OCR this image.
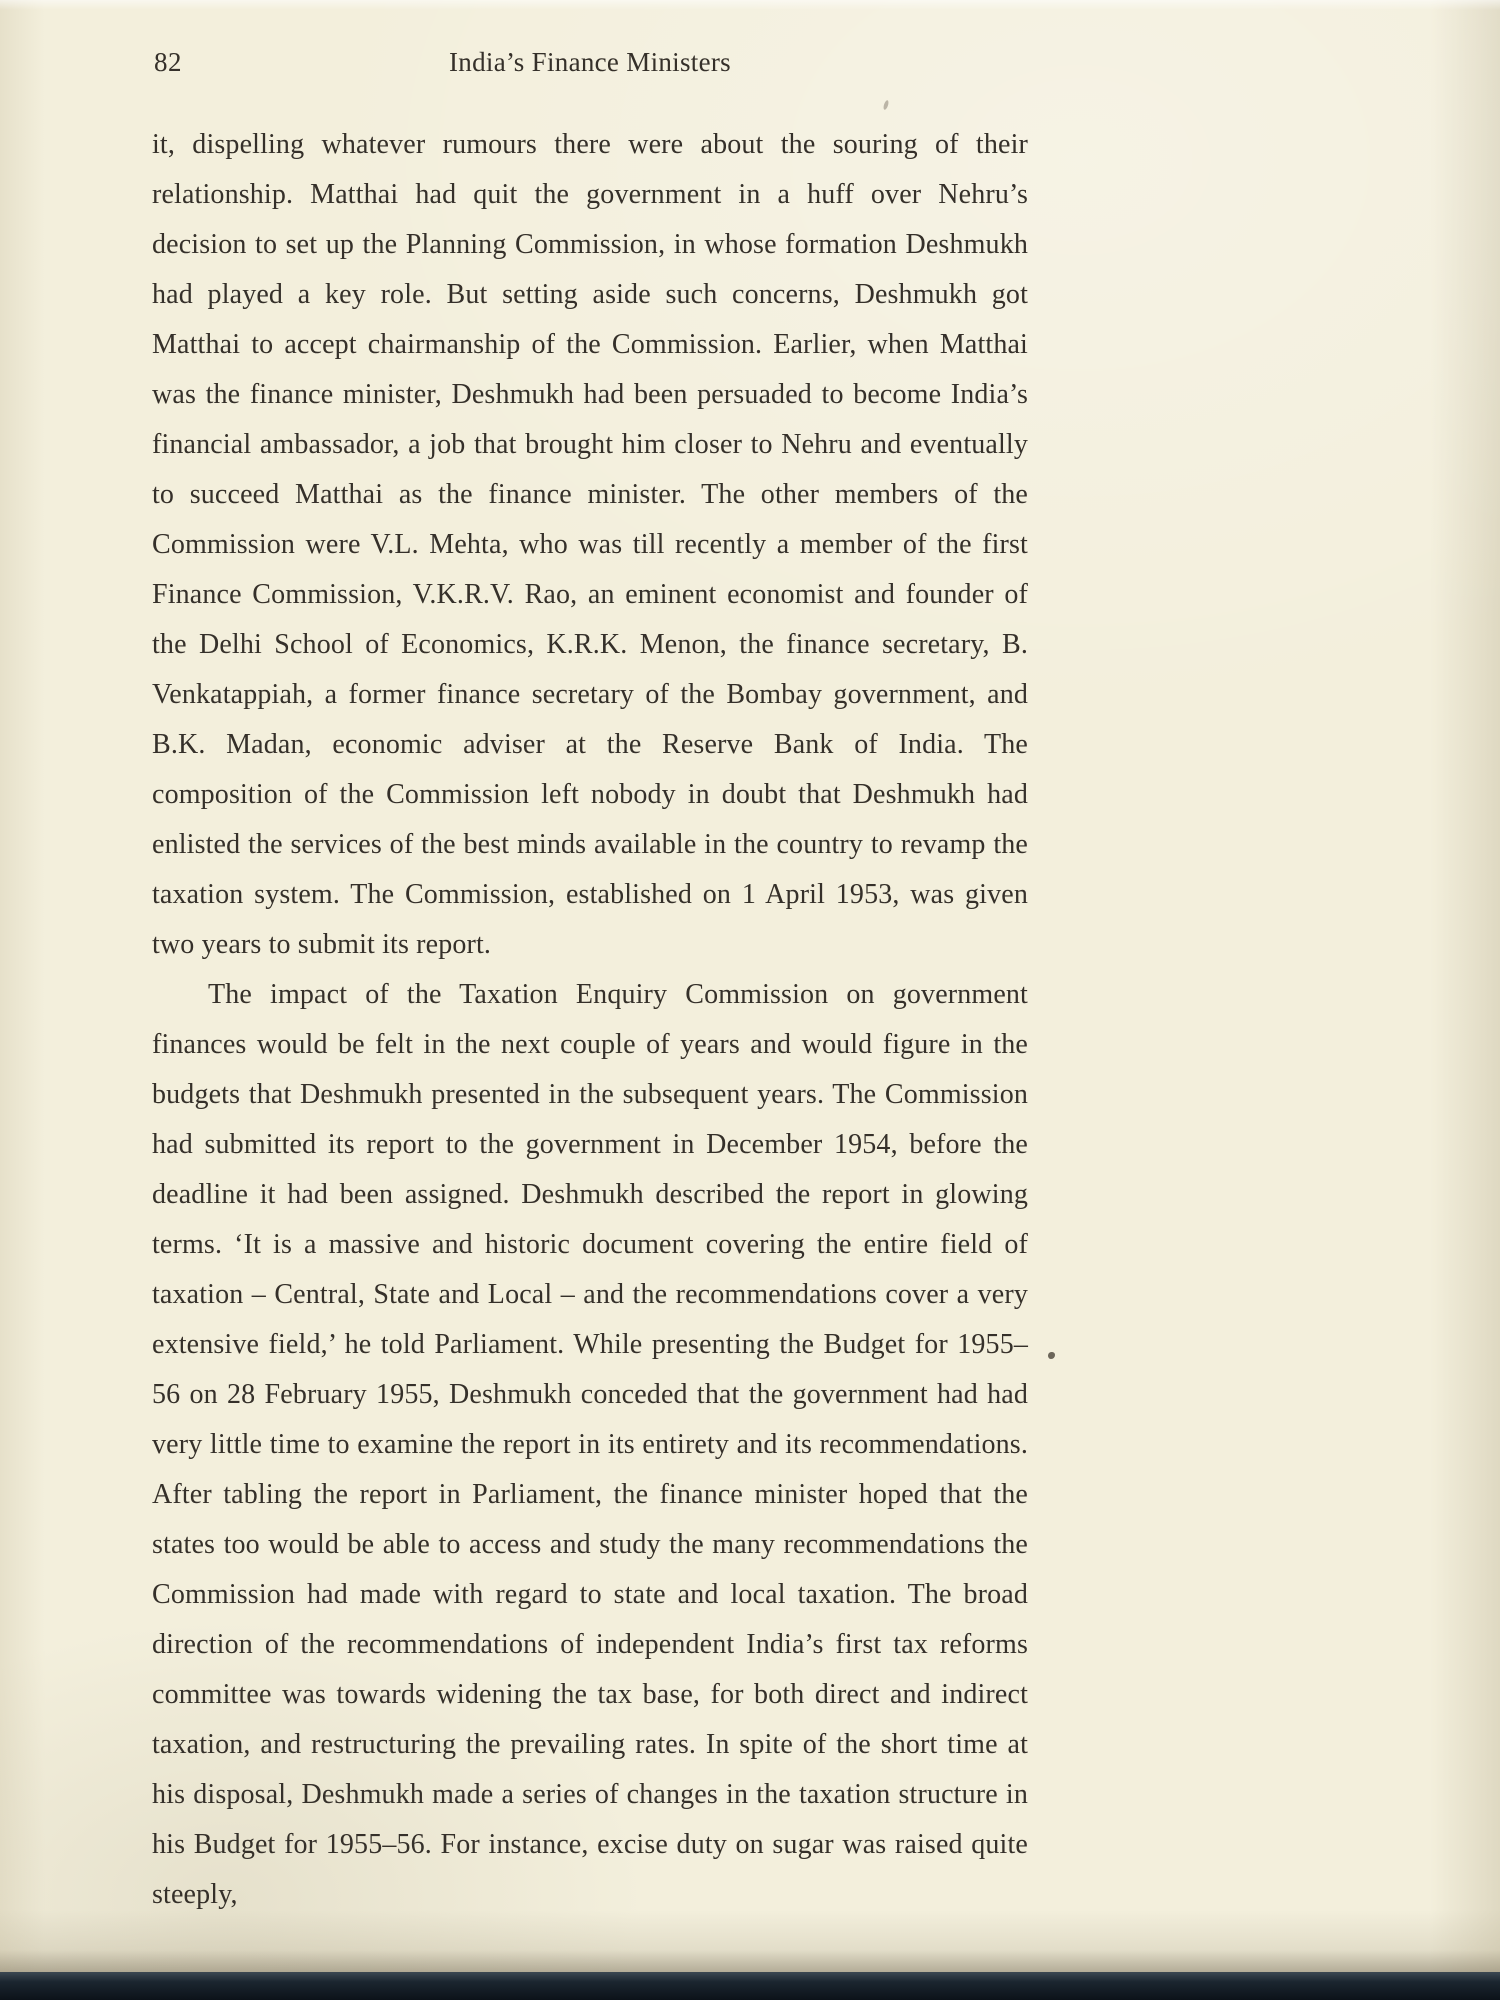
82	India’s Finance Ministers

it, dispelling whatever rumours there were about the souring of their relationship. Matthai had quit the government in a huff over Nehru’s decision to set up the Planning Commission, in whose formation Deshmukh had played a key role. But setting aside such concerns, Deshmukh got Matthai to accept chairmanship of the Commission. Earlier, when Matthai was the finance minister, Deshmukh had been persuaded to become India’s financial ambassador, a job that brought him closer to Nehru and eventually to succeed Matthai as the finance minister. The other members of the Commission were V.L. Mehta, who was till recently a member of the first Finance Commission, V.K.R.V. Rao, an eminent economist and founder of the Delhi School of Economics, K.R.K. Menon, the finance secretary, B. Venkatappiah, a former finance secretary of the Bombay government, and B.K. Madan, economic adviser at the Reserve Bank of India. The composition of the Commission left nobody in doubt that Deshmukh had enlisted the services of the best minds available in the country to revamp the taxation system. The Commission, established on 1 April 1953, was given two years to submit its report.

The impact of the Taxation Enquiry Commission on government finances would be felt in the next couple of years and would figure in the budgets that Deshmukh presented in the subsequent years. The Commission had submitted its report to the government in December 1954, before the deadline it had been assigned. Deshmukh described the report in glowing terms. ‘It is a massive and historic document covering the entire field of taxation – Central, State and Local – and the recommendations cover a very extensive field,’ he told Parliament. While presenting the Budget for 1955–56 on 28 February 1955, Deshmukh conceded that the government had had very little time to examine the report in its entirety and its recommendations. After tabling the report in Parliament, the finance minister hoped that the states too would be able to access and study the many recommendations the Commission had made with regard to state and local taxation. The broad direction of the recommendations of independent India’s first tax reforms committee was towards widening the tax base, for both direct and indirect taxation, and restructuring the prevailing rates. In spite of the short time at his disposal, Deshmukh made a series of changes in the taxation structure in his Budget for 1955–56. For instance, excise duty on sugar was raised quite steeply,
